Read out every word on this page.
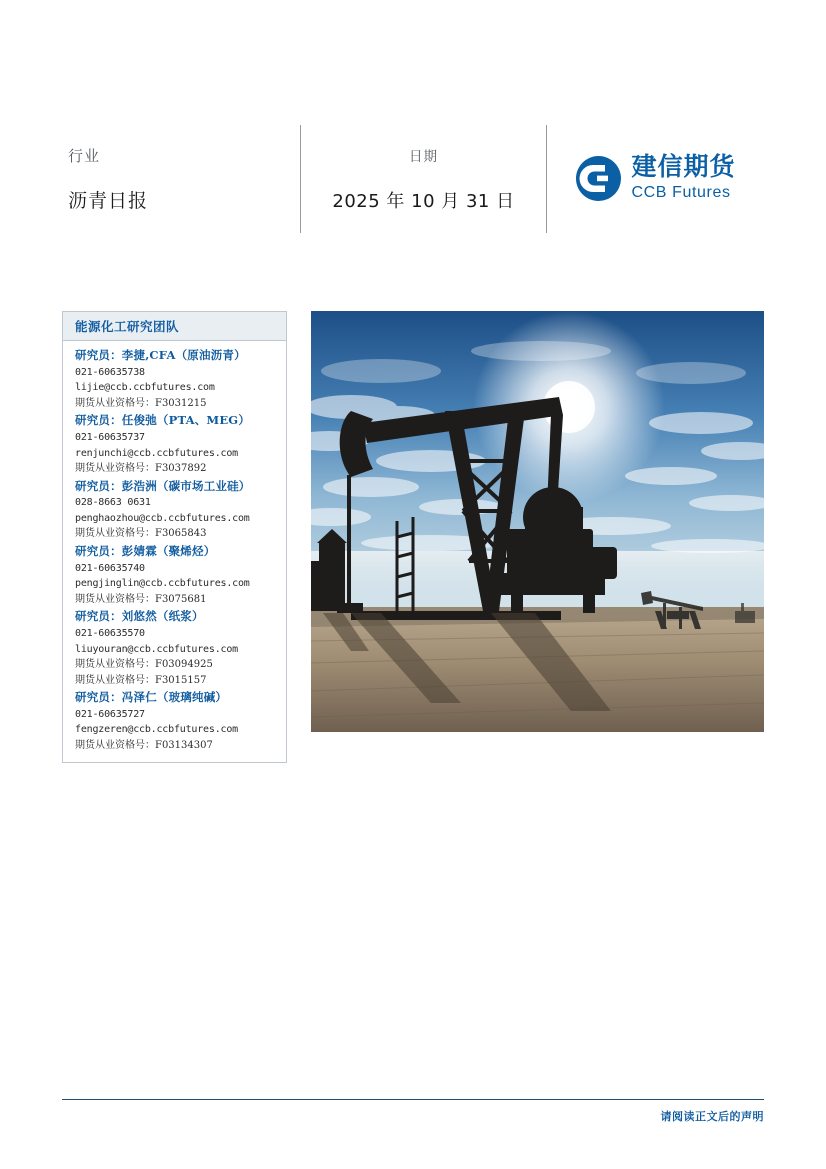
行业
沥青日报
日期
2025 年 10 月 31 日
建信期货
CCB Futures
能源化工研究团队
研究员：李捷,CFA（原油沥青）
021-60635738
lijie@ccb.ccbfutures.com
期货从业资格号：F3031215
研究员：任俊弛（PTA、MEG）
021-60635737
renjunchi@ccb.ccbfutures.com
期货从业资格号：F3037892
研究员：彭浩洲（碳市场工业硅）
028-8663 0631
penghaozhou@ccb.ccbfutures.com
期货从业资格号：F3065843
研究员：彭婧霖（聚烯烃）
021-60635740
pengjinglin@ccb.ccbfutures.com
期货从业资格号：F3075681
研究员：刘悠然（纸浆）
021-60635570
liuyouran@ccb.ccbfutures.com
期货从业资格号：F03094925
期货从业资格号：F3015157
研究员：冯泽仁（玻璃纯碱）
021-60635727
fengzeren@ccb.ccbfutures.com
期货从业资格号：F03134307
请阅读正文后的声明
